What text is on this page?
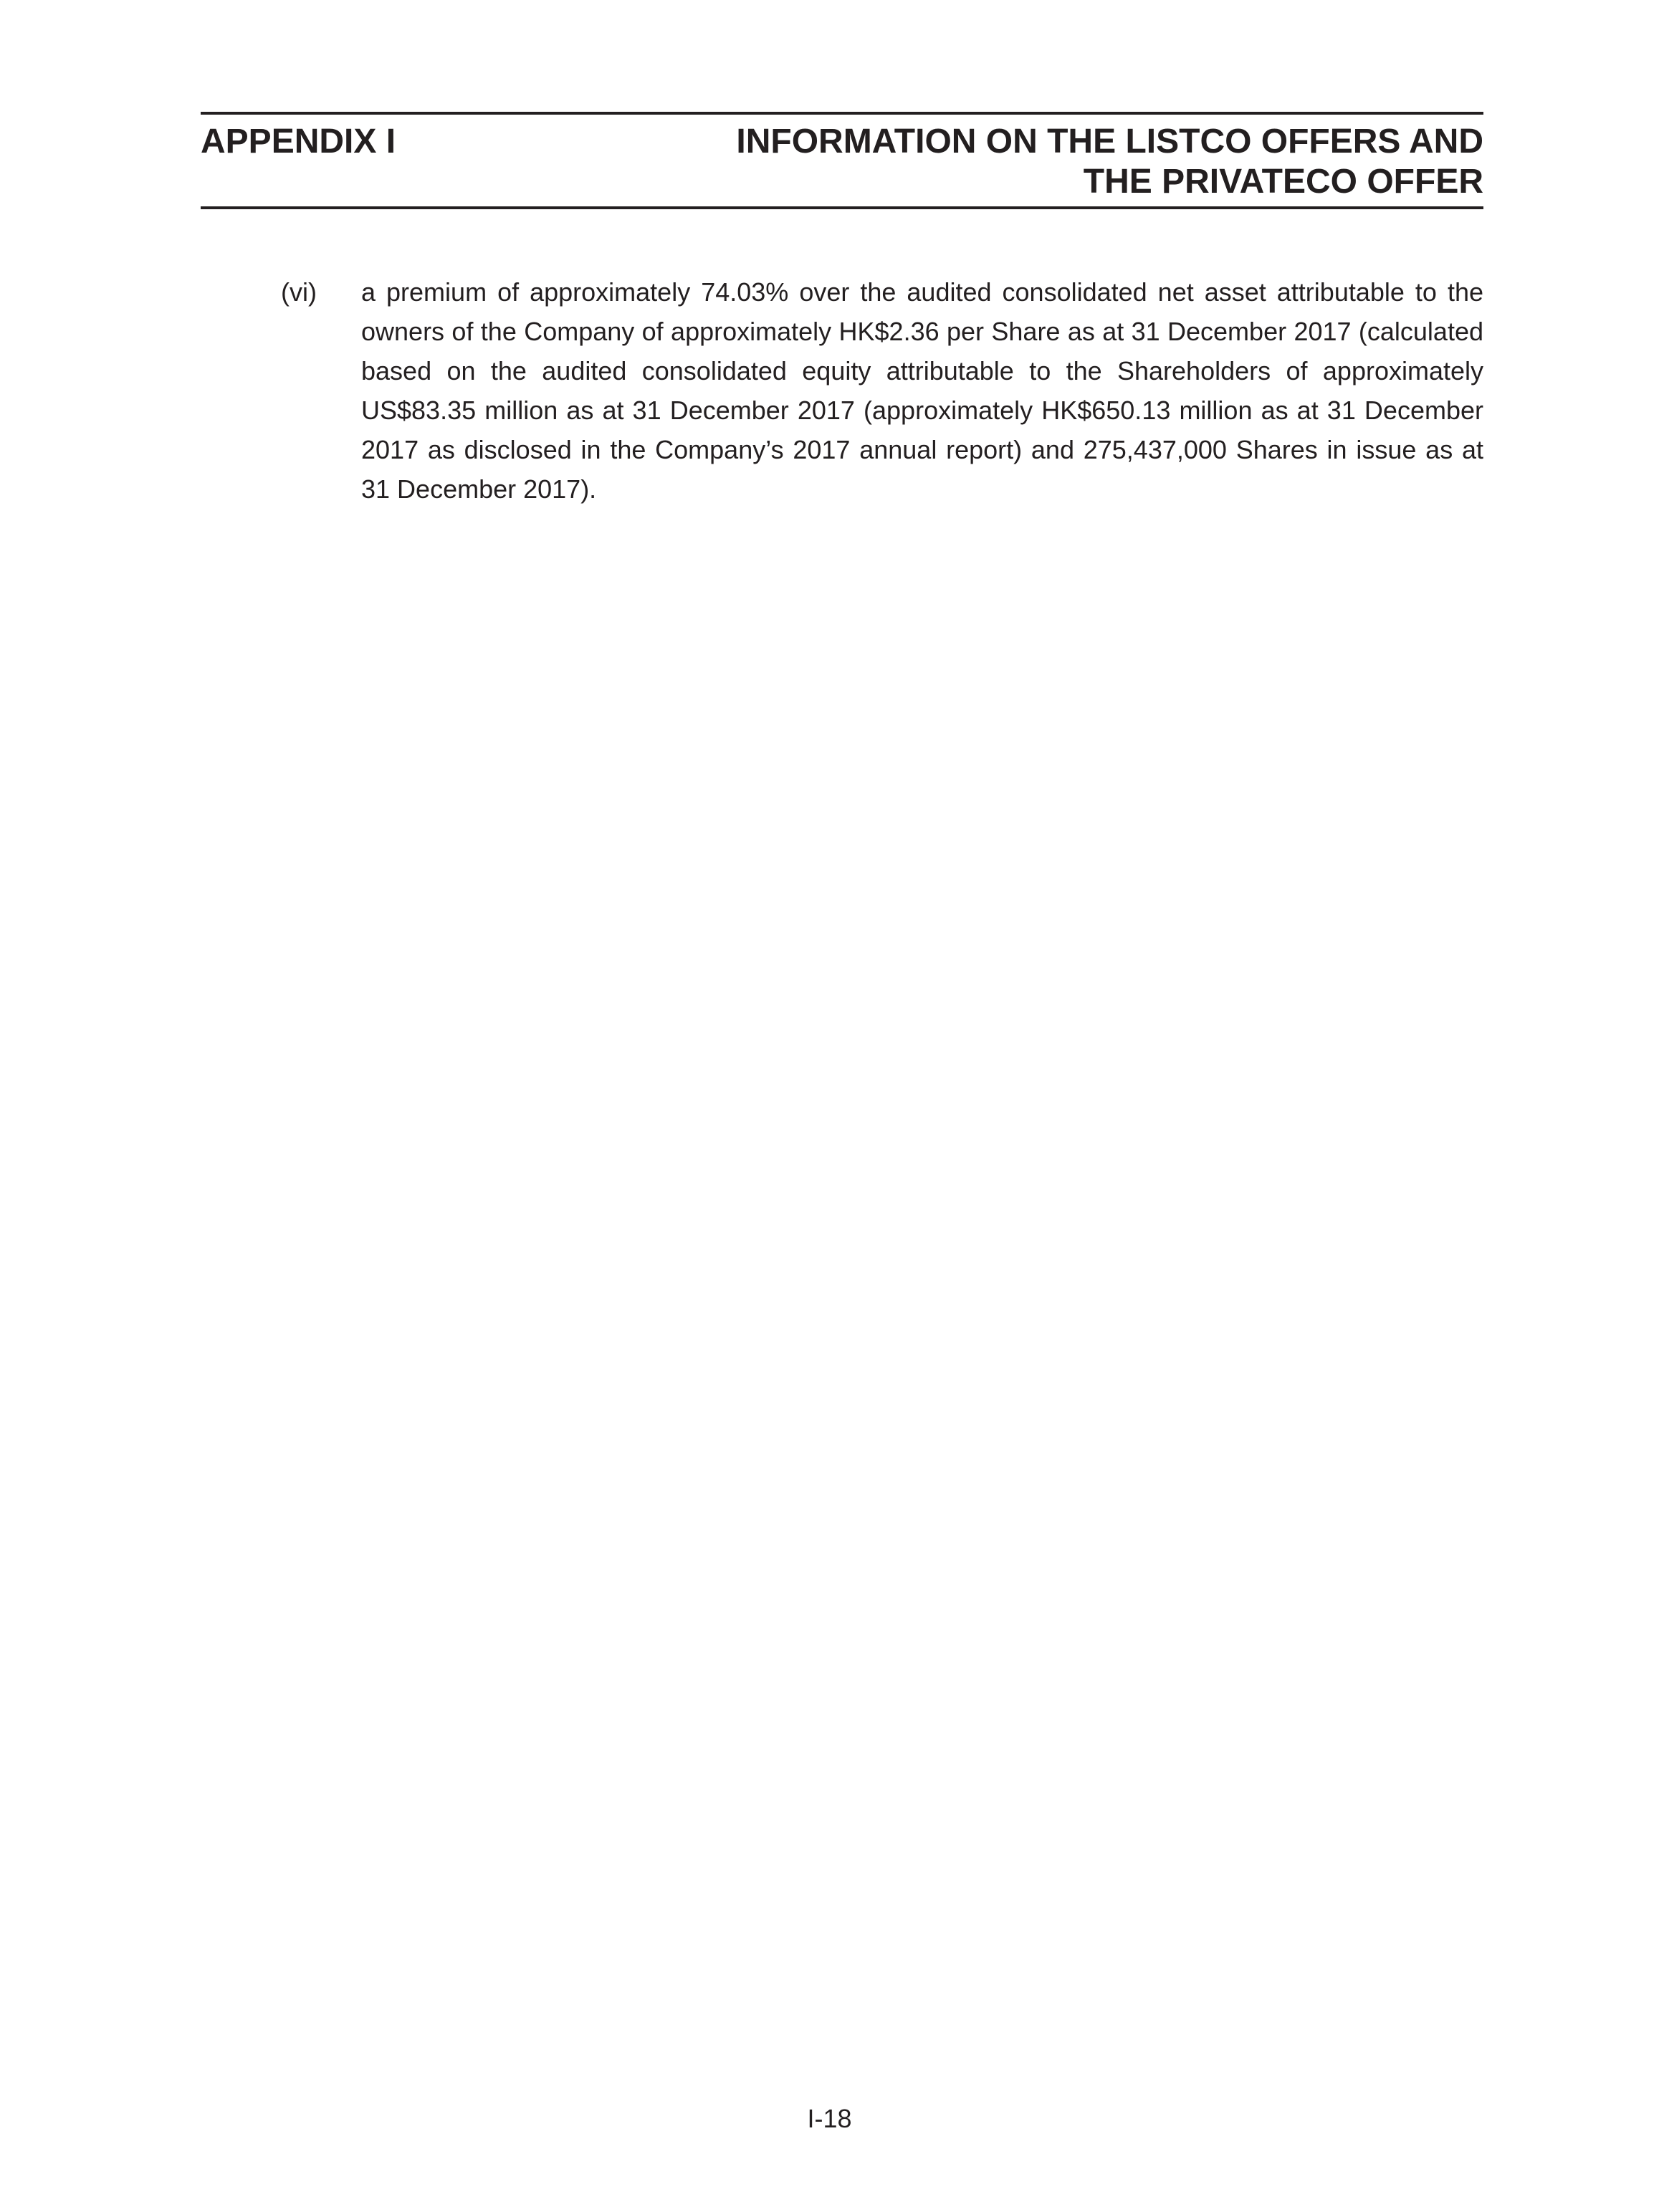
APPENDIX I	INFORMATION ON THE LISTCO OFFERS AND
THE PRIVATECO OFFER
(vi) a premium of approximately 74.03% over the audited consolidated net asset attributable to the owners of the Company of approximately HK$2.36 per Share as at 31 December 2017 (calculated based on the audited consolidated equity attributable to the Shareholders of approximately US$83.35 million as at 31 December 2017 (approximately HK$650.13 million as at 31 December 2017 as disclosed in the Company’s 2017 annual report) and 275,437,000 Shares in issue as at 31 December 2017).

I-18
